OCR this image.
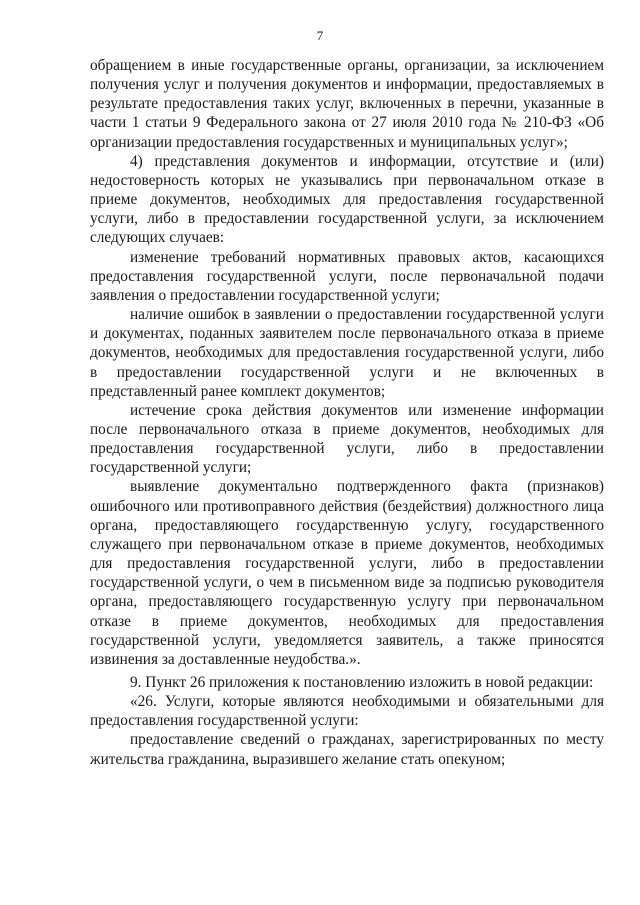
7

обращением в иные государственные органы, организации, за исключением получения услуг и получения документов и информации, предоставляемых в результате предоставления таких услуг, включенных в перечни, указанные в части 1 статьи 9 Федерального закона от 27 июля 2010 года № 210-ФЗ «Об организации предоставления государственных и муниципальных услуг»;

4) представления документов и информации, отсутствие и (или) недостоверность которых не указывались при первоначальном отказе в приеме документов, необходимых для предоставления государственной услуги, либо в предоставлении государственной услуги, за исключением следующих случаев:

изменение требований нормативных правовых актов, касающихся предоставления государственной услуги, после первоначальной подачи заявления о предоставлении государственной услуги;

наличие ошибок в заявлении о предоставлении государственной услуги и документах, поданных заявителем после первоначального отказа в приеме документов, необходимых для предоставления государственной услуги, либо в предоставлении государственной услуги и не включенных в представленный ранее комплект документов;

истечение срока действия документов или изменение информации после первоначального отказа в приеме документов, необходимых для предоставления государственной услуги, либо в предоставлении государственной услуги;

выявление документально подтвержденного факта (признаков) ошибочного или противоправного действия (бездействия) должностного лица органа, предоставляющего государственную услугу, государственного служащего при первоначальном отказе в приеме документов, необходимых для предоставления государственной услуги, либо в предоставлении государственной услуги, о чем в письменном виде за подписью руководителя органа, предоставляющего государственную услугу при первоначальном отказе в приеме документов, необходимых для предоставления государственной услуги, уведомляется заявитель, а также приносятся извинения за доставленные неудобства.».

9. Пункт 26 приложения к постановлению изложить в новой редакции:

«26. Услуги, которые являются необходимыми и обязательными для предоставления государственной услуги:

предоставление сведений о гражданах, зарегистрированных по месту жительства гражданина, выразившего желание стать опекуном;
